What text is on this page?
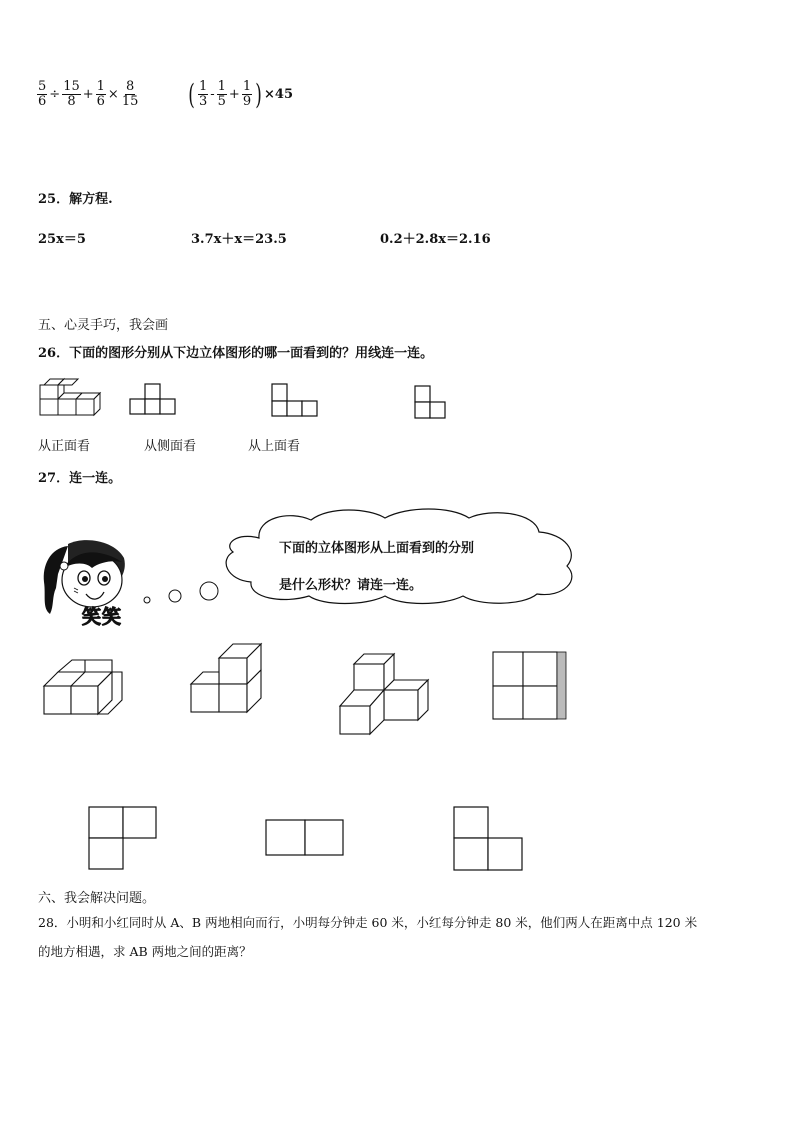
$\frac{5}{6} \div \frac{15}{8} + \frac{1}{6} \times \frac{8}{15}$ ( $\frac{1}{3} - \frac{1}{5} + \frac{1}{9}$ ) ×45
25．解方程.
25x＝5	3.7x＋x＝23.5	0.2＋2.8x＝2.16
五、心灵手巧，我会画
26．下面的图形分别从下边立体图形的哪一面看到的？用线连一连。
从正面看	从侧面看	从上面看
27．连一连。
笑笑
下面的立体图形从上面看到的分别
是什么形状？请连一连。
六、我会解决问题。
28．小明和小红同时从 A、B 两地相向而行，小明每分钟走 60 米，小红每分钟走 80 米，他们两人在距离中点 120 米
的地方相遇，求 AB 两地之间的距离？
